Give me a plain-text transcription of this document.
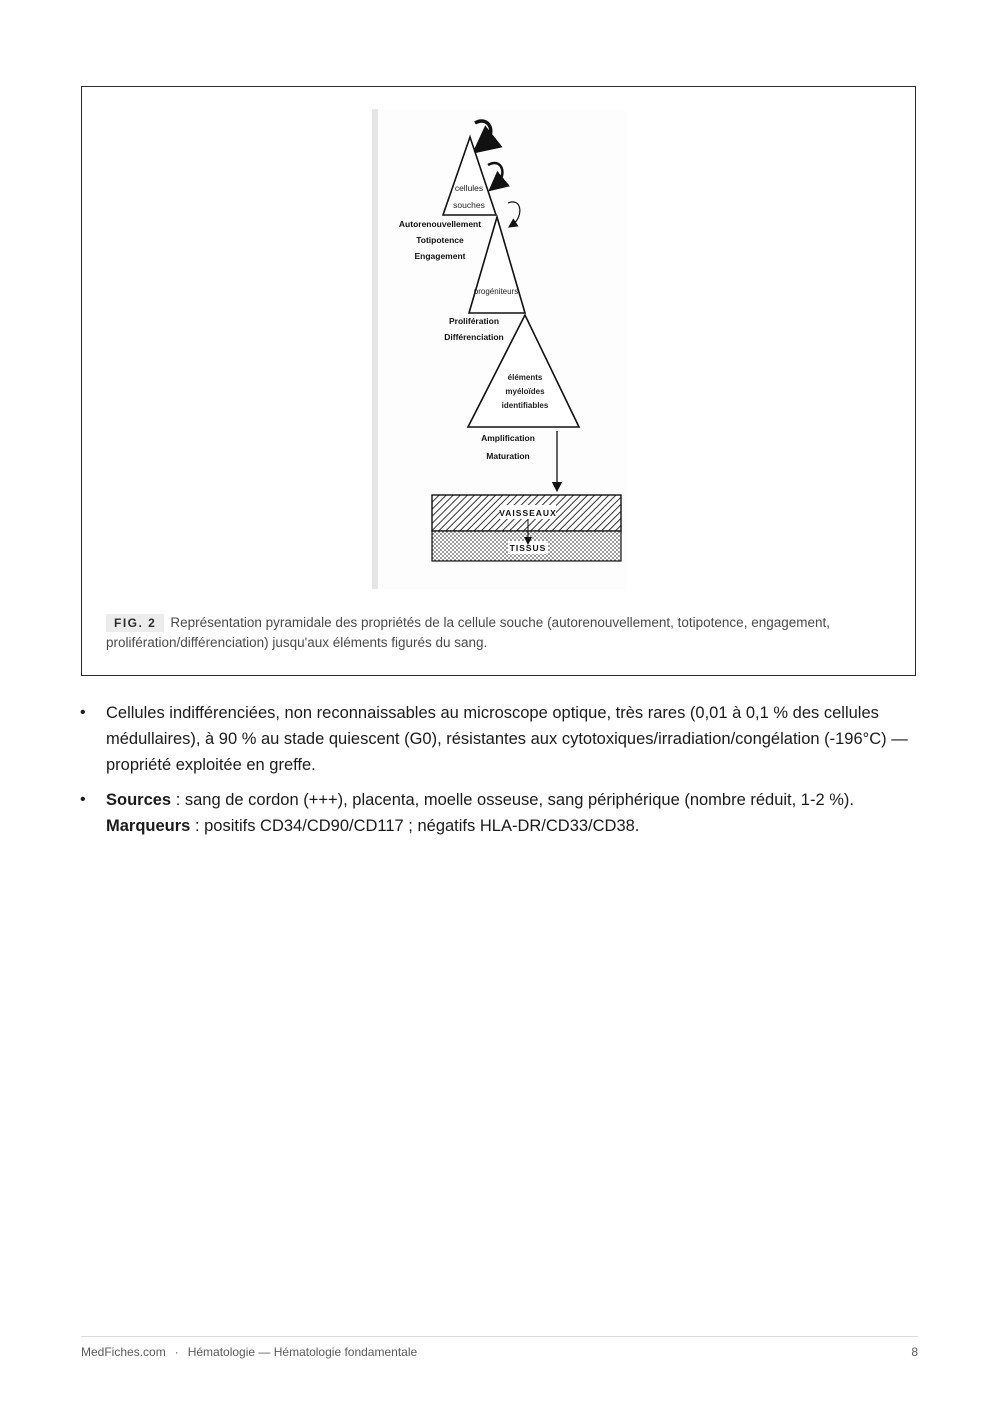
cellules
souches
progéniteurs
éléments
myéloïdes
identifiables
Autorenouvellement
Totipotence
Engagement
Prolifération
Différenciation
Amplification
Maturation
VAISSEAUX
TISSUS
FIG. 2 Représentation pyramidale des propriétés de la cellule souche (autorenouvellement, totipotence, engagement, prolifération/différenciation) jusqu'aux éléments figurés du sang.
• Cellules indifférenciées, non reconnaissables au microscope optique, très rares (0,01 à 0,1 % des cellules médullaires), à 90 % au stade quiescent (G0), résistantes aux cytotoxiques/irradiation/congélation (-196°C) — propriété exploitée en greffe.
• Sources : sang de cordon (+++), placenta, moelle osseuse, sang périphérique (nombre réduit, 1-2 %).
Marqueurs : positifs CD34/CD90/CD117 ; négatifs HLA-DR/CD33/CD38.
MedFiches.com · Hématologie — Hématologie fondamentale	8
